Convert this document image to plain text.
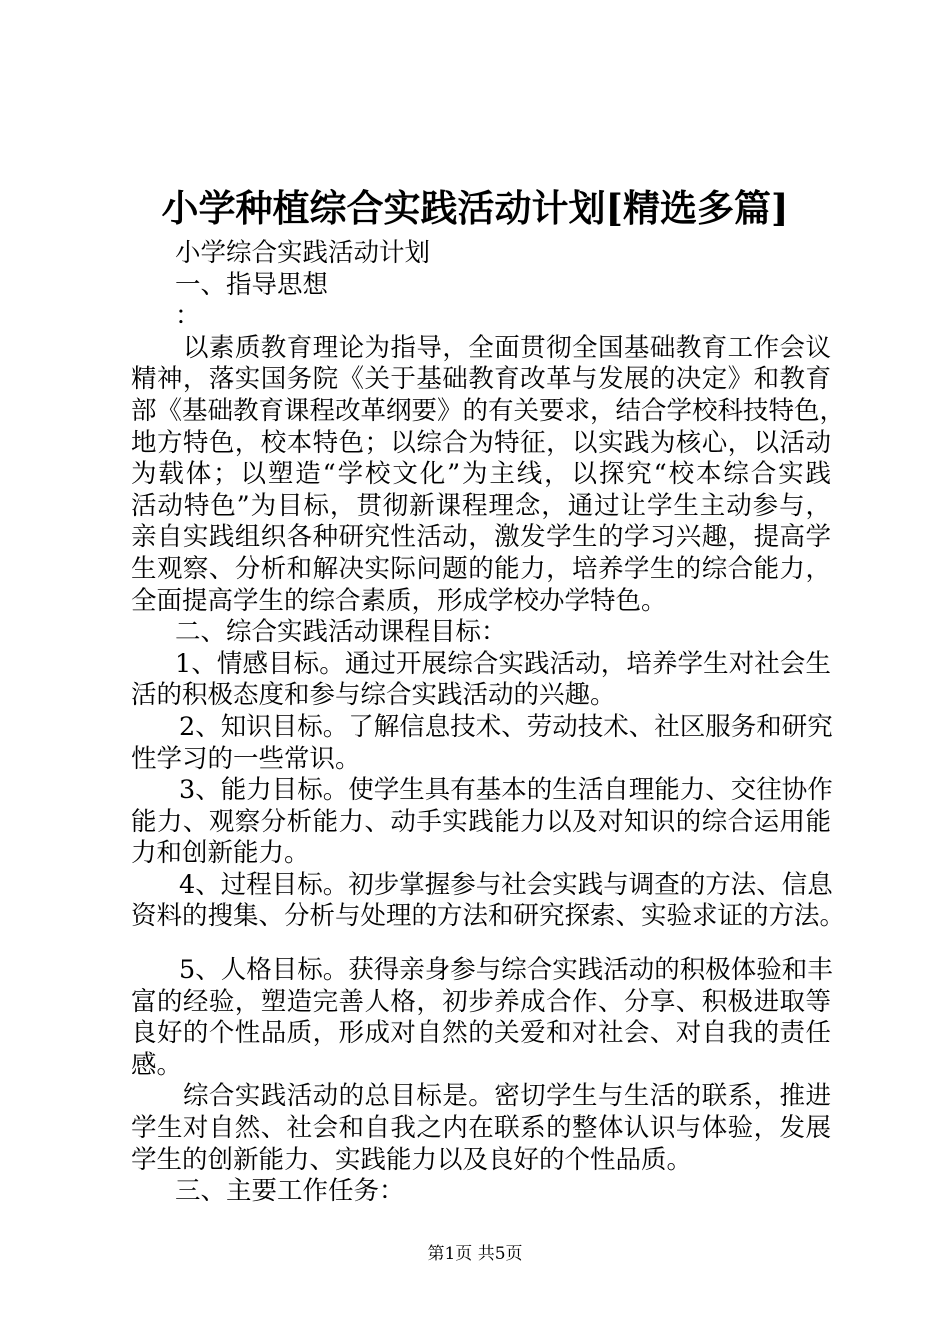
小学种植综合实践活动计划[精选多篇]
小学综合实践活动计划
一、指导思想
：
以素质教育理论为指导，全面贯彻全国基础教育工作会议
精神，落实国务院《关于基础教育改革与发展的决定》和教育
部《基础教育课程改革纲要》的有关要求，结合学校科技特色，
地方特色，校本特色；以综合为特征，以实践为核心，以活动
为载体；以塑造“学校文化”为主线，以探究“校本综合实践
活动特色”为目标，贯彻新课程理念，通过让学生主动参与，
亲自实践组织各种研究性活动，激发学生的学习兴趣，提高学
生观察、分析和解决实际问题的能力，培养学生的综合能力，
全面提高学生的综合素质，形成学校办学特色。
二、综合实践活动课程目标：
1、情感目标。通过开展综合实践活动，培养学生对社会生
活的积极态度和参与综合实践活动的兴趣。
2、知识目标。了解信息技术、劳动技术、社区服务和研究
性学习的一些常识。
3、能力目标。使学生具有基本的生活自理能力、交往协作
能力、观察分析能力、动手实践能力以及对知识的综合运用能
力和创新能力。
4、过程目标。初步掌握参与社会实践与调查的方法、信息
资料的搜集、分析与处理的方法和研究探索、实验求证的方法。
5、人格目标。获得亲身参与综合实践活动的积极体验和丰
富的经验，塑造完善人格，初步养成合作、分享、积极进取等
良好的个性品质，形成对自然的关爱和对社会、对自我的责任
感。
综合实践活动的总目标是。密切学生与生活的联系，推进
学生对自然、社会和自我之内在联系的整体认识与体验，发展
学生的创新能力、实践能力以及良好的个性品质。
三、主要工作任务：
第1页 共5页
